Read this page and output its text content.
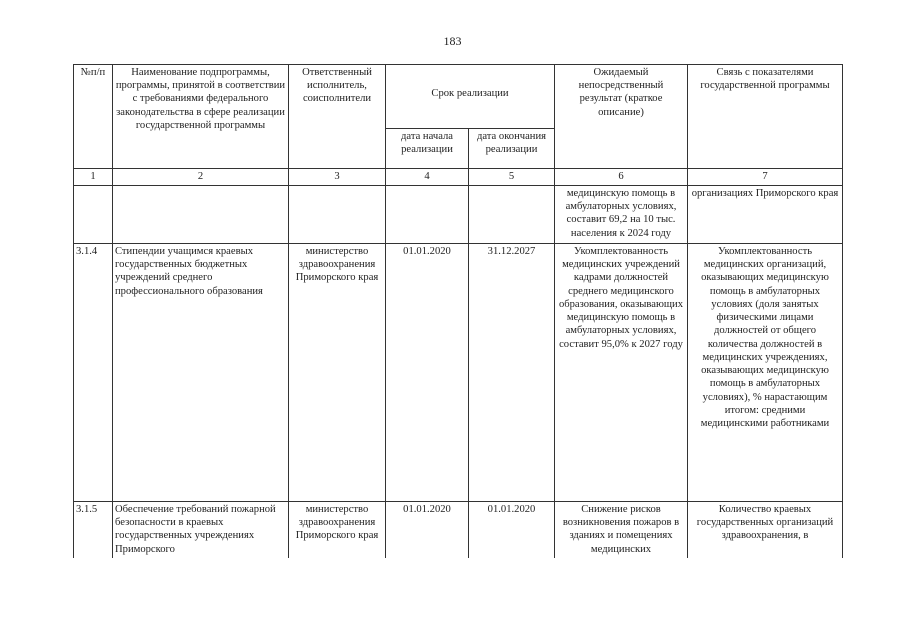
183
№п/п	Наименование подпрограммы, программы, принятой в соответствии с требованиями федерального законодательства в сфере реализации государственной программы	Ответственный исполнитель, соисполнители	Срок реализации		Ожидаемый непосредственный результат (краткое описание)	Связь с показателями государственной программы
			дата начала реализации	дата окончания реализации		
1	2	3	4	5	6	7
					медицинскую помощь в амбулаторных условиях, составит 69,2 на 10 тыс. населения к 2024 году	организациях Приморского края
3.1.4	Стипендии учащимся краевых государственных бюджетных учреждений среднего профессионального образования	министерство здравоохранения Приморского края	01.01.2020	31.12.2027	Укомплектованность медицинских учреждений кадрами должностей среднего медицинского образования, оказывающих медицинскую помощь в амбулаторных условиях, составит 95,0% к 2027 году	Укомплектованность медицинских организаций, оказывающих медицинскую помощь в амбулаторных условиях (доля занятых физическими лицами должностей от общего количества должностей в медицинских учреждениях, оказывающих медицинскую помощь в амбулаторных условиях), % нарастающим итогом: средними медицинскими работниками
3.1.5	Обеспечение требований пожарной безопасности в краевых государственных учреждениях Приморского	министерство здравоохранения Приморского края	01.01.2020	01.01.2020	Снижение рисков возникновения пожаров в зданиях и помещениях медицинских	Количество краевых государственных организаций здравоохранения, в
